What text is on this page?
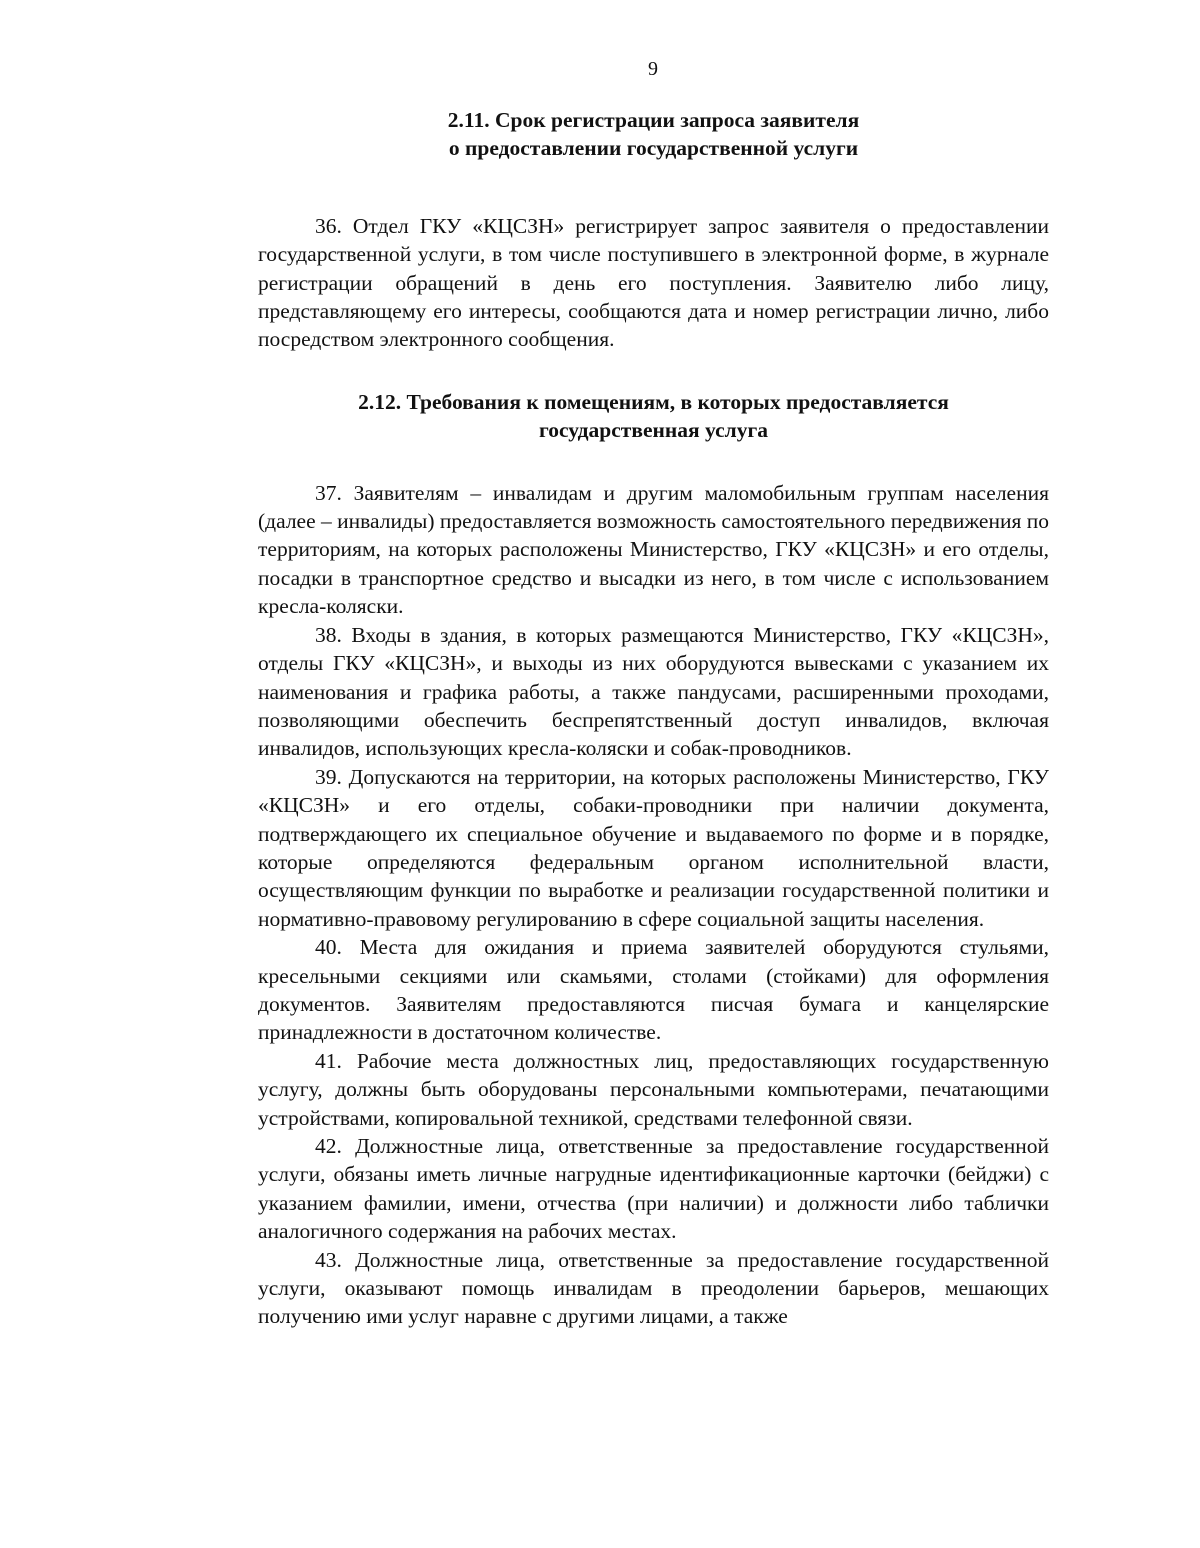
9
2.11. Срок регистрации запроса заявителя
о предоставлении государственной услуги

36. Отдел ГКУ «КЦСЗН» регистрирует запрос заявителя о предоставлении государственной услуги, в том числе поступившего в электронной форме, в журнале регистрации обращений в день его поступления. Заявителю либо лицу, представляющему его интересы, сообщаются дата и номер регистрации лично, либо посредством электронного сообщения.

2.12. Требования к помещениям, в которых предоставляется
государственная услуга

37. Заявителям – инвалидам и другим маломобильным группам населения (далее – инвалиды) предоставляется возможность самостоятельного передвижения по территориям, на которых расположены Министерство, ГКУ «КЦСЗН» и его отделы, посадки в транспортное средство и высадки из него, в том числе с использованием кресла-коляски.

38. Входы в здания, в которых размещаются Министерство, ГКУ «КЦСЗН», отделы ГКУ «КЦСЗН», и выходы из них оборудуются вывесками с указанием их наименования и графика работы, а также пандусами, расширенными проходами, позволяющими обеспечить беспрепятственный доступ инвалидов, включая инвалидов, использующих кресла-коляски и собак-проводников.

39. Допускаются на территории, на которых расположены Министерство, ГКУ «КЦСЗН» и его отделы, собаки-проводники при наличии документа, подтверждающего их специальное обучение и выдаваемого по форме и в порядке, которые определяются федеральным органом исполнительной власти, осуществляющим функции по выработке и реализации государственной политики и нормативно-правовому регулированию в сфере социальной защиты населения.

40. Места для ожидания и приема заявителей оборудуются стульями, кресельными секциями или скамьями, столами (стойками) для оформления документов. Заявителям предоставляются писчая бумага и канцелярские принадлежности в достаточном количестве.

41. Рабочие места должностных лиц, предоставляющих государственную услугу, должны быть оборудованы персональными компьютерами, печатающими устройствами, копировальной техникой, средствами телефонной связи.

42. Должностные лица, ответственные за предоставление государственной услуги, обязаны иметь личные нагрудные идентификационные карточки (бейджи) с указанием фамилии, имени, отчества (при наличии) и должности либо таблички аналогичного содержания на рабочих местах.

43. Должностные лица, ответственные за предоставление государственной услуги, оказывают помощь инвалидам в преодолении барьеров, мешающих получению ими услуг наравне с другими лицами, а также
